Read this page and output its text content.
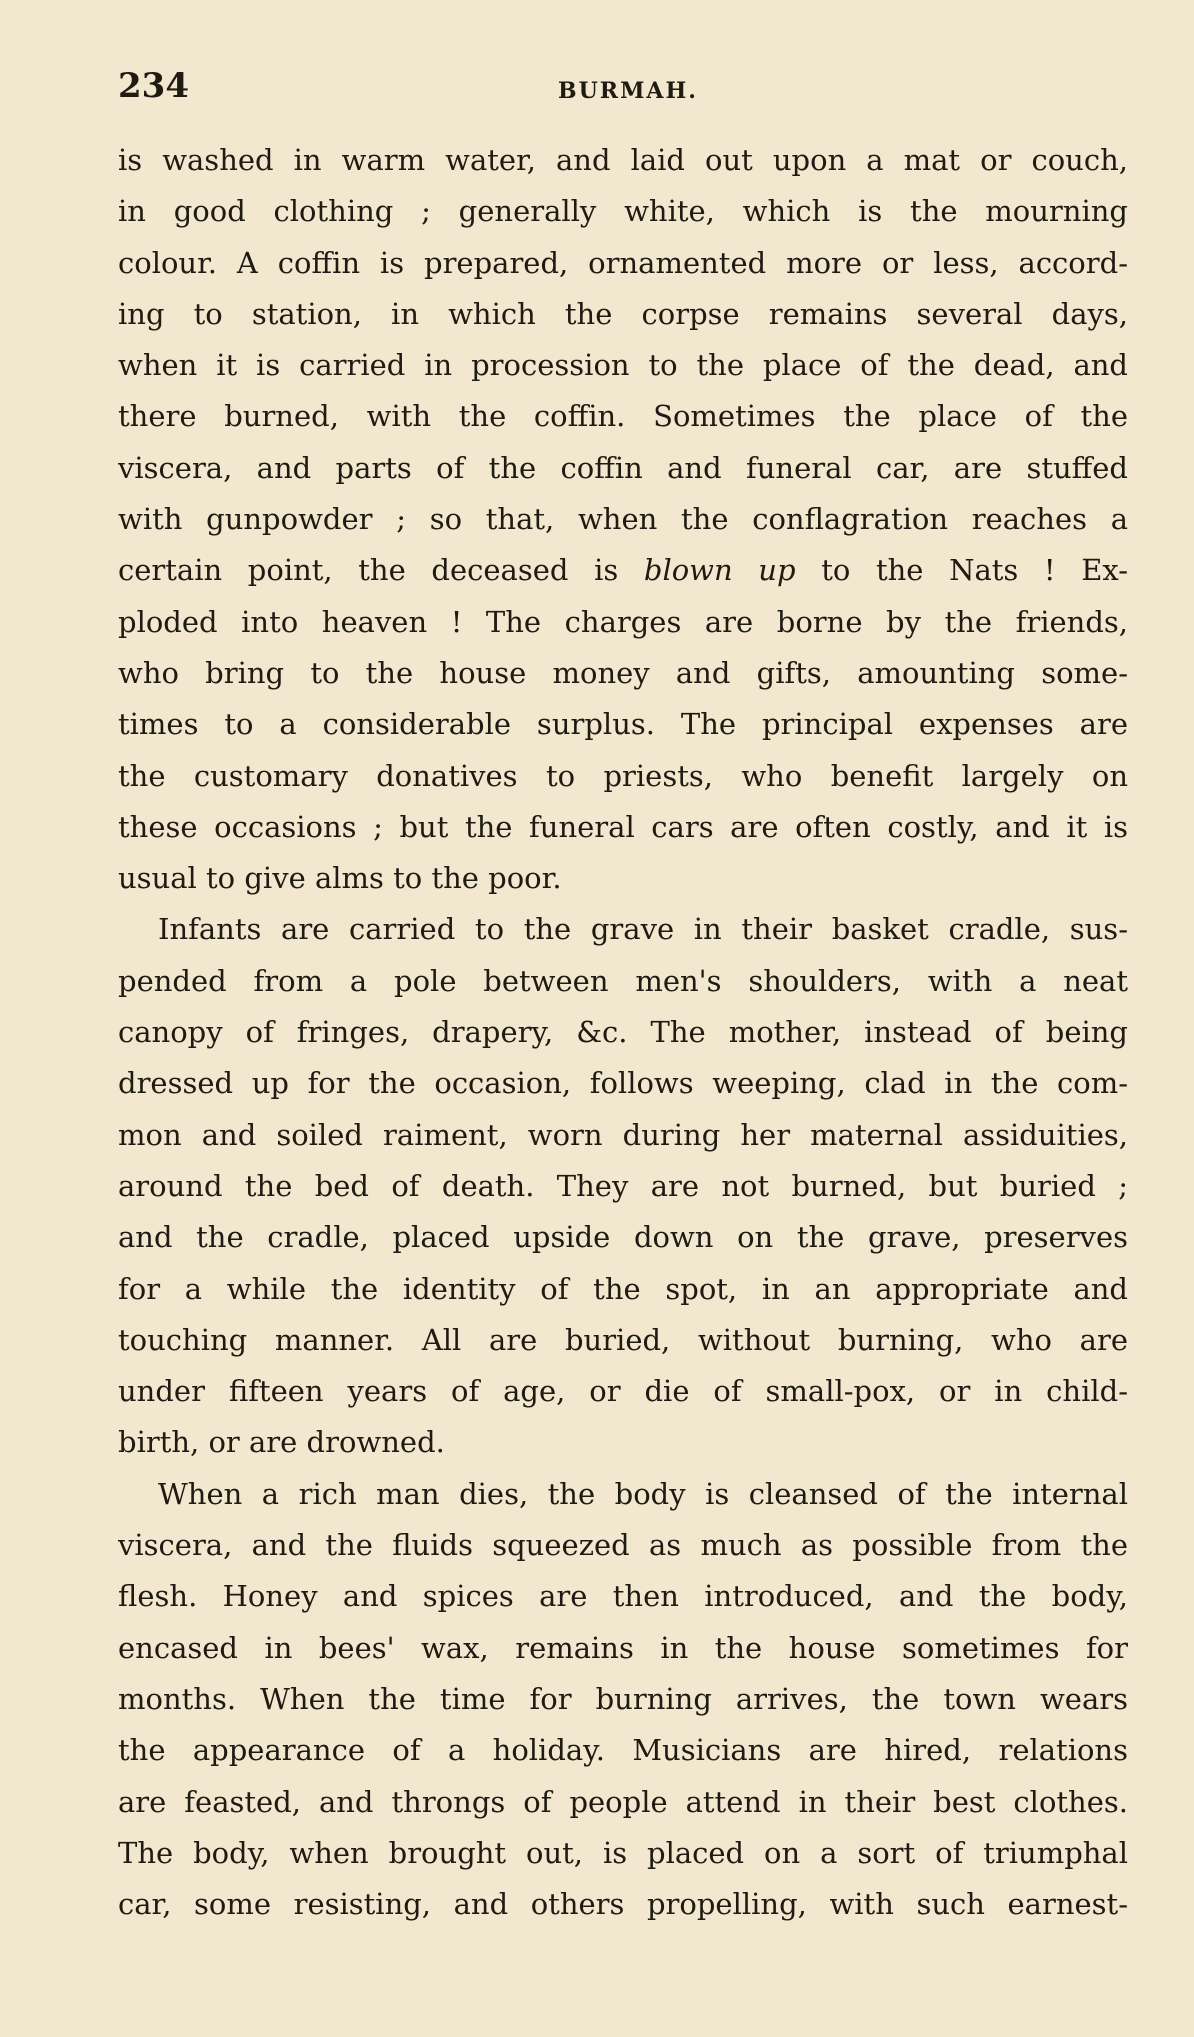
234	BURMAH.
is washed in warm water, and laid out upon a mat or couch,
in good clothing ; generally white, which is the mourning
colour. A coffin is prepared, ornamented more or less, accord-
ing to station, in which the corpse remains several days,
when it is carried in procession to the place of the dead, and
there burned, with the coffin. Sometimes the place of the
viscera, and parts of the coffin and funeral car, are stuffed
with gunpowder ; so that, when the conflagration reaches a
certain point, the deceased is blown up to the Nats ! Ex-
ploded into heaven ! The charges are borne by the friends,
who bring to the house money and gifts, amounting some-
times to a considerable surplus. The principal expenses are
the customary donatives to priests, who benefit largely on
these occasions ; but the funeral cars are often costly, and it is
usual to give alms to the poor.
Infants are carried to the grave in their basket cradle, sus-
pended from a pole between men's shoulders, with a neat
canopy of fringes, drapery, &c. The mother, instead of being
dressed up for the occasion, follows weeping, clad in the com-
mon and soiled raiment, worn during her maternal assiduities,
around the bed of death. They are not burned, but buried ;
and the cradle, placed upside down on the grave, preserves
for a while the identity of the spot, in an appropriate and
touching manner. All are buried, without burning, who are
under fifteen years of age, or die of small-pox, or in child-
birth, or are drowned.
When a rich man dies, the body is cleansed of the internal
viscera, and the fluids squeezed as much as possible from the
flesh. Honey and spices are then introduced, and the body,
encased in bees' wax, remains in the house sometimes for
months. When the time for burning arrives, the town wears
the appearance of a holiday. Musicians are hired, relations
are feasted, and throngs of people attend in their best clothes.
The body, when brought out, is placed on a sort of triumphal
car, some resisting, and others propelling, with such earnest-
